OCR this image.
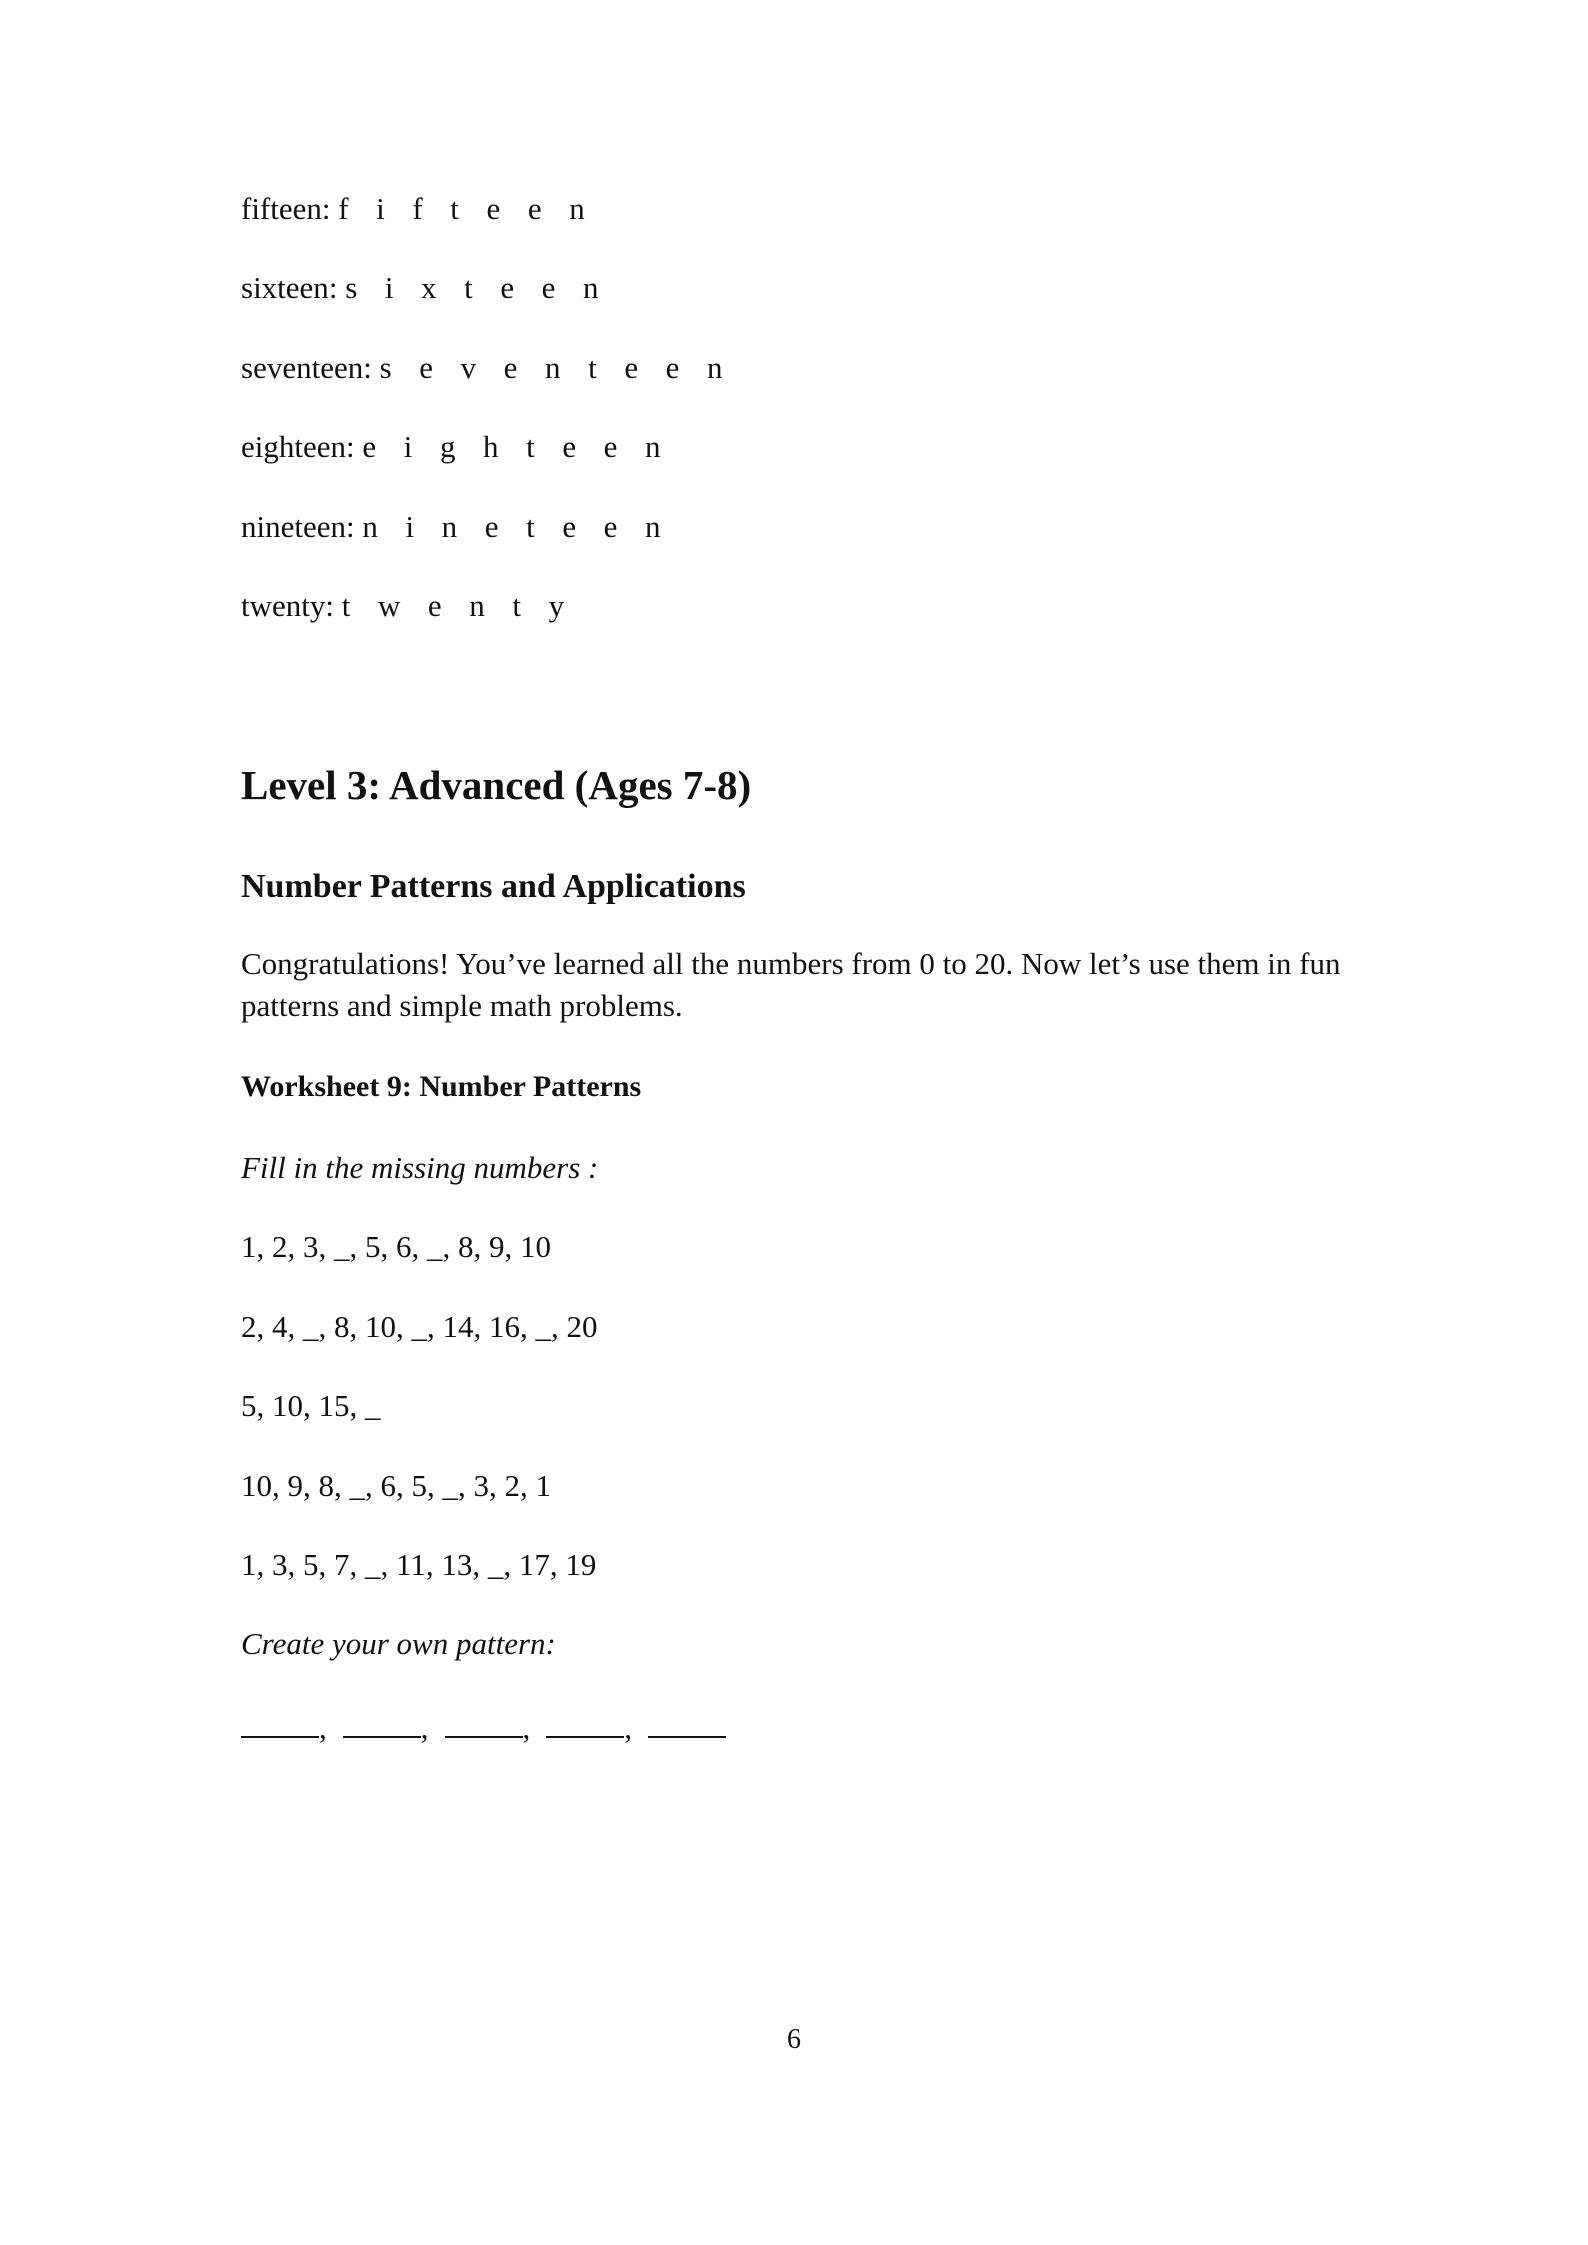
fifteen: f i f t e e n
sixteen: s i x t e e n
seventeen: s e v e n t e e n
eighteen: e i g h t e e n
nineteen: n i n e t e e n
twenty: t w e n t y
Level 3: Advanced (Ages 7-8)
Number Patterns and Applications
Congratulations! You’ve learned all the numbers from 0 to 20. Now let’s use them in fun patterns and simple math problems.
Worksheet 9: Number Patterns
Fill in the missing numbers :
1, 2, 3, _, 5, 6, _, 8, 9, 10
2, 4, _, 8, 10, _, 14, 16, _, 20
5, 10, 15, _
10, 9, 8, _, 6, 5, _, 3, 2, 1
1, 3, 5, 7, _, 11, 13, _, 17, 19
Create your own pattern:
,	,	,	,
6
